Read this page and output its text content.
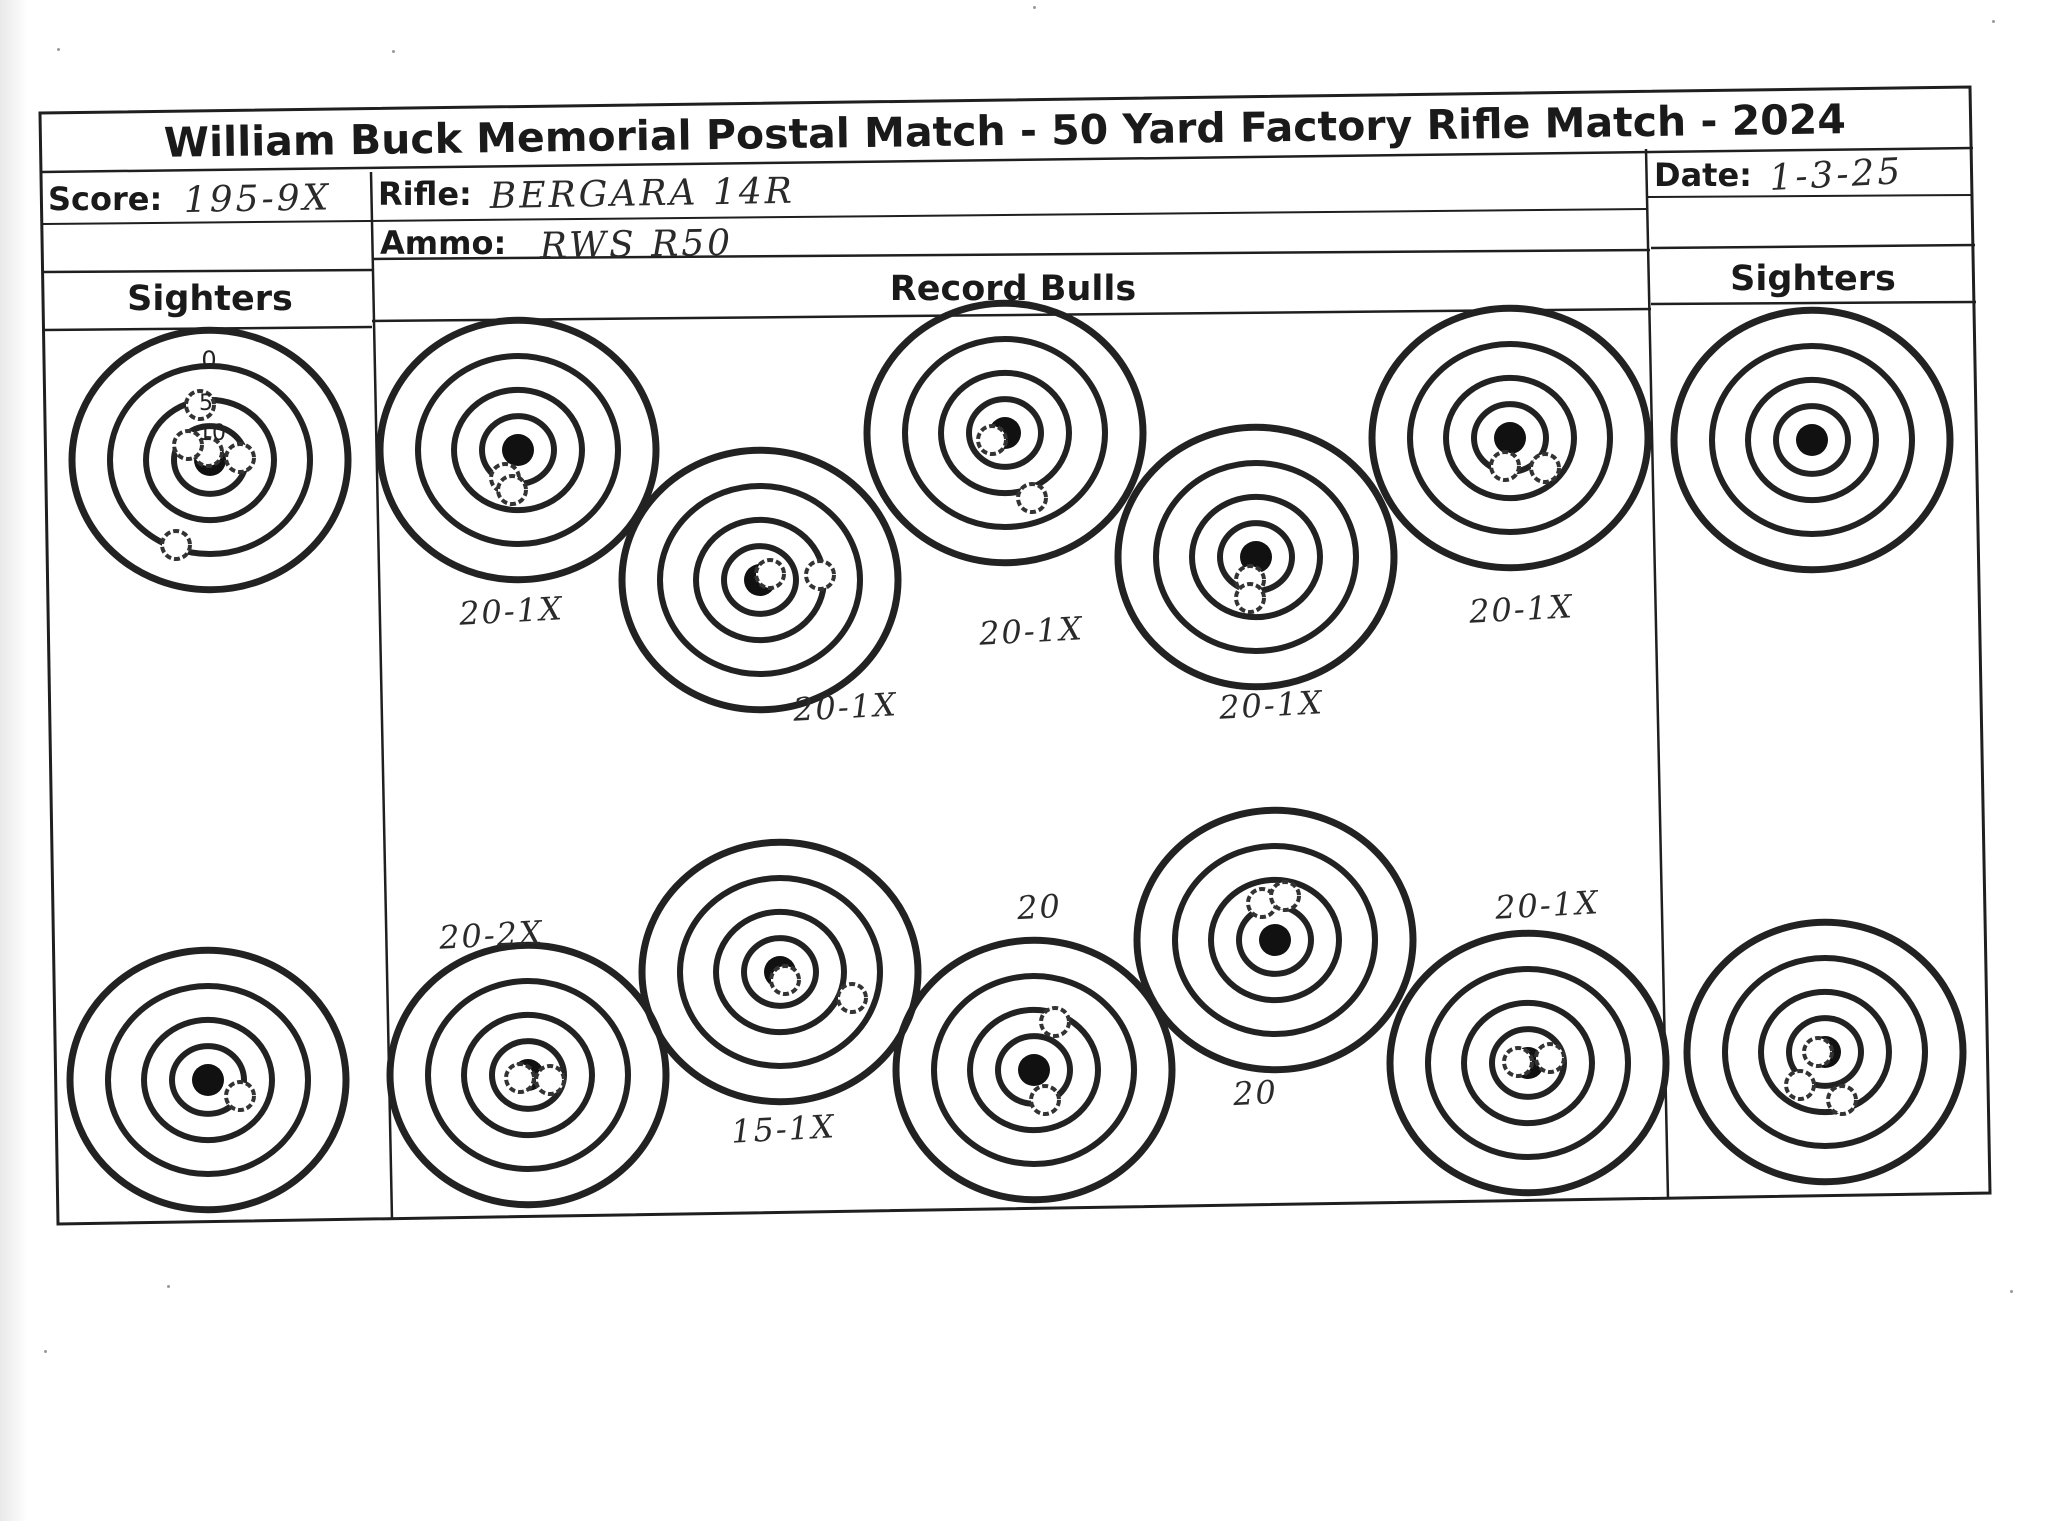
William Buck Memorial Postal Match - 50 Yard Factory Rifle Match - 2024
Score: 195-9X Rifle: BERGARA 14R
Ammo: RWS R50
Date: 1-3-25
Sighters	Record Bulls	Sighters
0
5
10
20-1X
20-1X
20-1X
20-1X
20-1X
20-2X
15-1X
20
20
20-1X
